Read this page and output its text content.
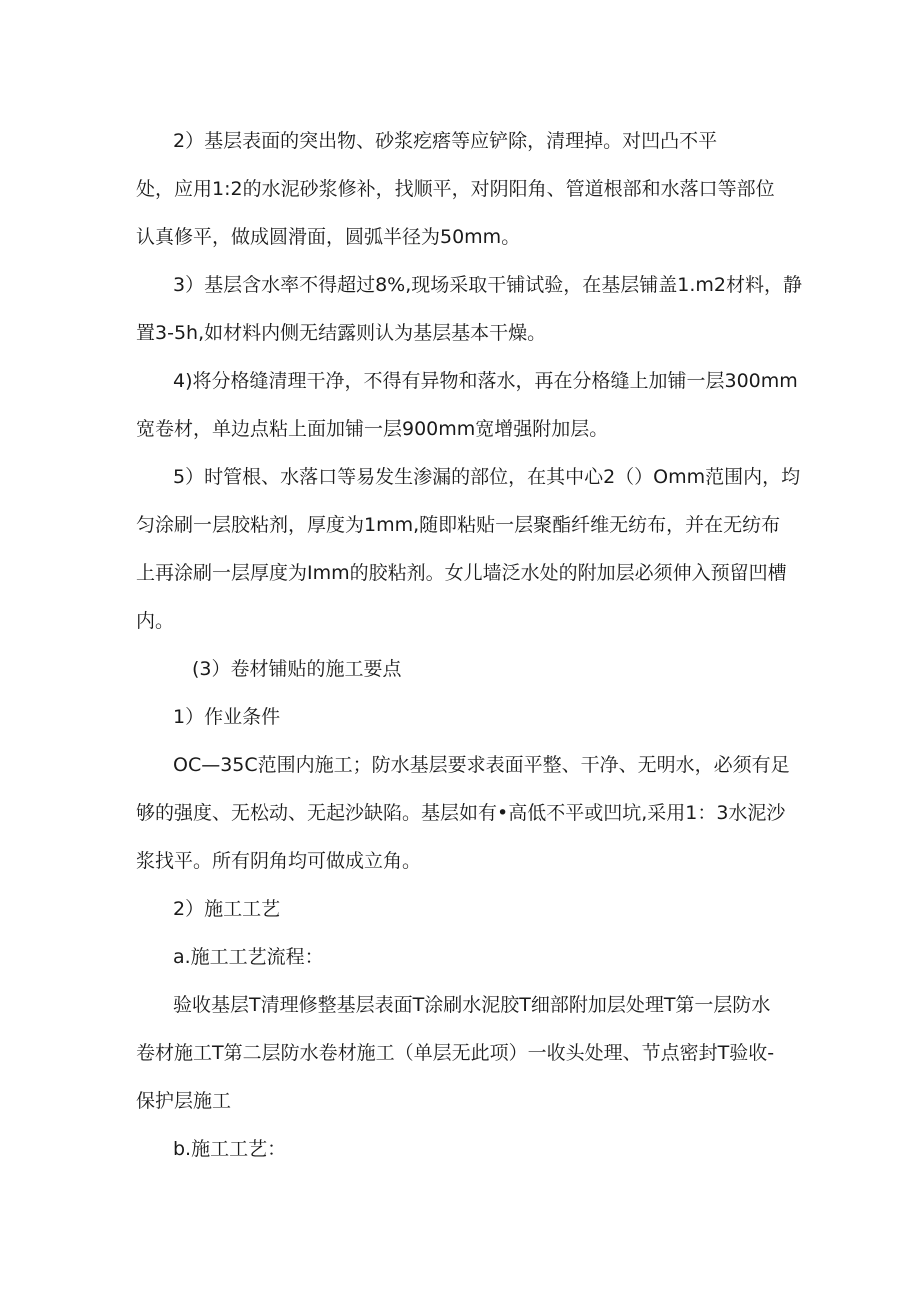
2）基层表面的突出物、砂浆疙瘩等应铲除，清理掉。对凹凸不平
处，应用1:2的水泥砂浆修补，找顺平，对阴阳角、管道根部和水落口等部位
认真修平，做成圆滑面，圆弧半径为50mm。
3）基层含水率不得超过8%,现场采取干铺试验，在基层铺盖1.m2材料，静
置3-5h,如材料内侧无结露则认为基层基本干燥。
4)将分格缝清理干净，不得有异物和落水，再在分格缝上加铺一层300mm
宽卷材，单边点粘上面加铺一层900mm宽增强附加层。
5）时管根、水落口等易发生渗漏的部位，在其中心2（）Omm范围内，均
匀涂刷一层胶粘剂，厚度为1mm,随即粘贴一层聚酯纤维无纺布，并在无纺布
上再涂刷一层厚度为Imm的胶粘剂。女儿墙泛水处的附加层必须伸入预留凹槽
内。
(3）卷材铺贴的施工要点
1）作业条件
OC—35C范围内施工；防水基层要求表面平整、干净、无明水，必须有足
够的强度、无松动、无起沙缺陷。基层如有•高低不平或凹坑,采用1：3水泥沙
浆找平。所有阴角均可做成立角。
2）施工工艺
a.施工工艺流程：
验收基层T清理修整基层表面T涂刷水泥胶T细部附加层处理T第一层防水
卷材施工T第二层防水卷材施工（单层无此项）一收头处理、节点密封T验收-
保护层施工
b.施工工艺：
